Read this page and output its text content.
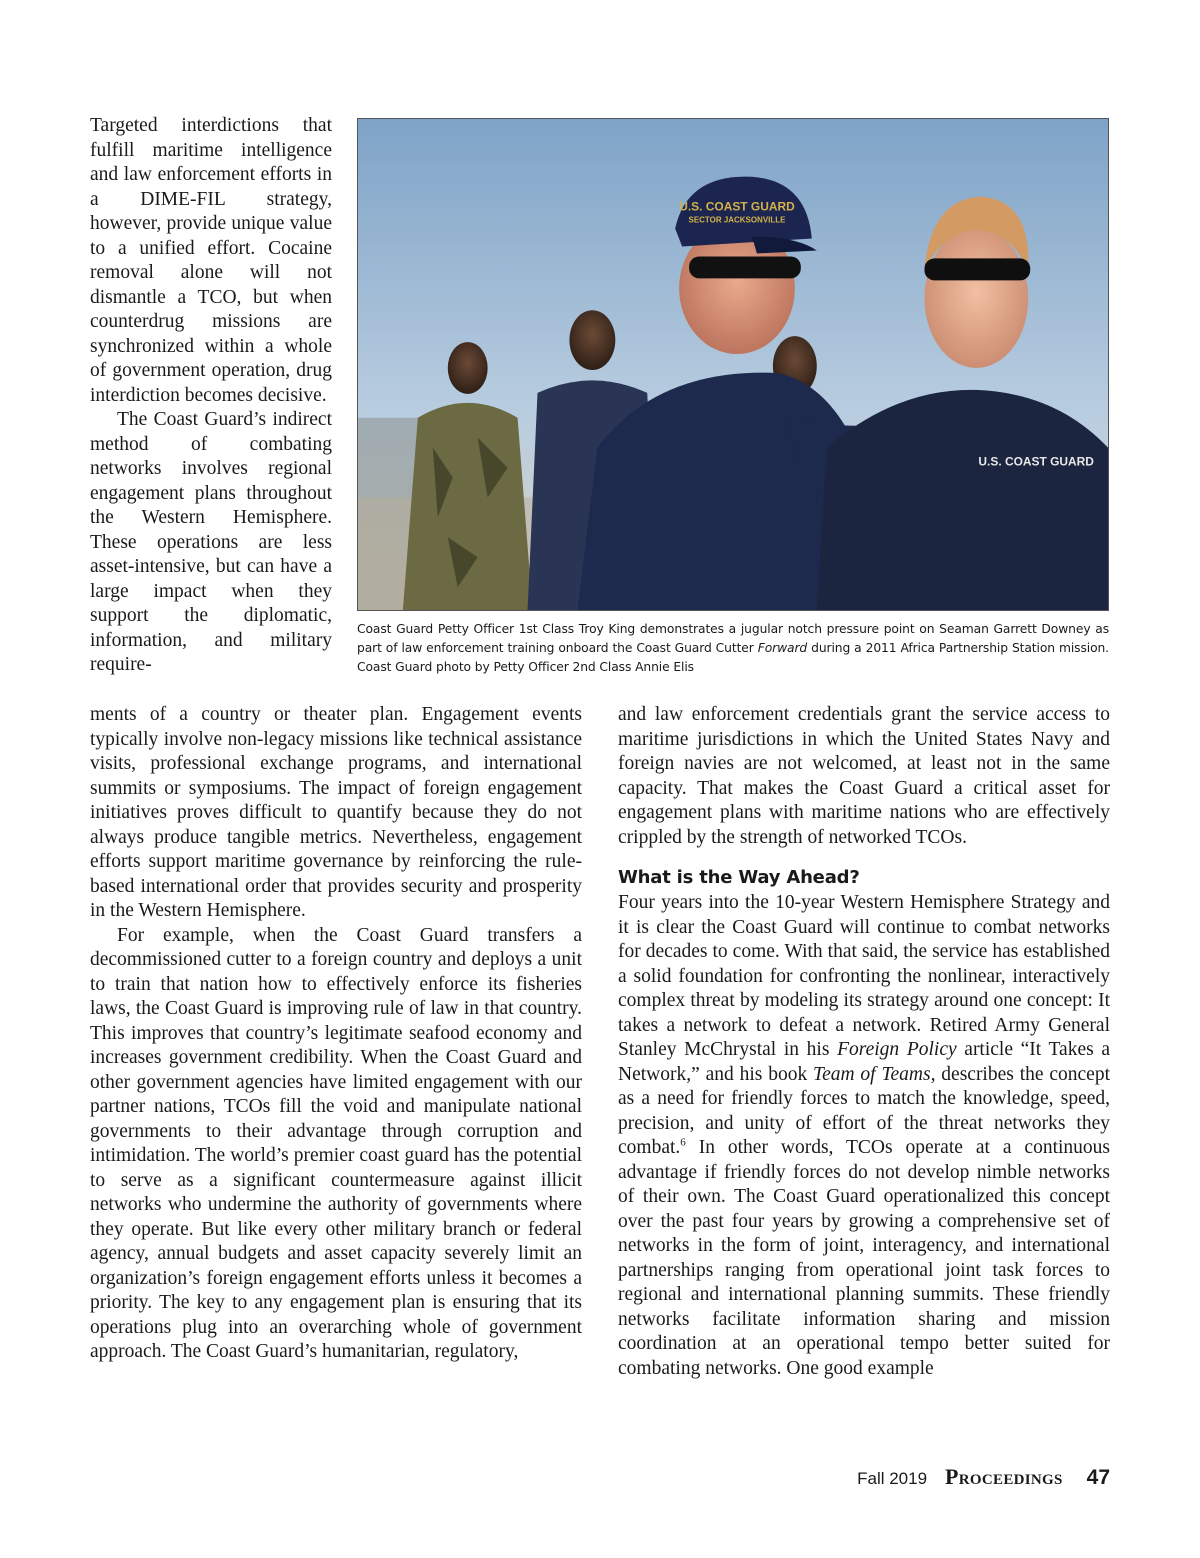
Targeted interdictions that fulfill maritime intelligence and law enforcement efforts in a DIME-FIL strategy, however, provide unique value to a unified effort. Cocaine removal alone will not dismantle a TCO, but when counterdrug missions are synchronized within a whole of government operation, drug interdiction becomes decisive.

The Coast Guard’s indirect method of combating networks involves regional engagement plans throughout the Western Hemisphere. These operations are less asset-intensive, but can have a large impact when they support the diplomatic, information, and military require-

U.S. COAST GUARD
SECTOR JACKSONVILLE
U.S. COAST GUARD

Coast Guard Petty Officer 1st Class Troy King demonstrates a jugular notch pressure point on Seaman Garrett Downey as part of law enforcement training onboard the Coast Guard Cutter Forward during a 2011 Africa Partnership Station mission. Coast Guard photo by Petty Officer 2nd Class Annie Elis

ments of a country or theater plan. Engagement events typically involve non-legacy missions like technical assistance visits, professional exchange programs, and international summits or symposiums. The impact of foreign engagement initiatives proves difficult to quantify because they do not always produce tangible metrics. Nevertheless, engagement efforts support maritime governance by reinforcing the rule-based international order that provides security and prosperity in the Western Hemisphere.

For example, when the Coast Guard transfers a decommissioned cutter to a foreign country and deploys a unit to train that nation how to effectively enforce its fisheries laws, the Coast Guard is improving rule of law in that country. This improves that country’s legitimate seafood economy and increases government credibility. When the Coast Guard and other government agencies have limited engagement with our partner nations, TCOs fill the void and manipulate national governments to their advantage through corruption and intimidation. The world’s premier coast guard has the potential to serve as a significant countermeasure against illicit networks who undermine the authority of governments where they operate. But like every other military branch or federal agency, annual budgets and asset capacity severely limit an organization’s foreign engagement efforts unless it becomes a priority. The key to any engagement plan is ensuring that its operations plug into an overarching whole of government approach. The Coast Guard’s humanitarian, regulatory,

and law enforcement credentials grant the service access to maritime jurisdictions in which the United States Navy and foreign navies are not welcomed, at least not in the same capacity. That makes the Coast Guard a critical asset for engagement plans with maritime nations who are effectively crippled by the strength of networked TCOs.

What is the Way Ahead?

Four years into the 10-year Western Hemisphere Strategy and it is clear the Coast Guard will continue to combat networks for decades to come. With that said, the service has established a solid foundation for confronting the nonlinear, interactively complex threat by modeling its strategy around one concept: It takes a network to defeat a network. Retired Army General Stanley McChrystal in his Foreign Policy article “It Takes a Network,” and his book Team of Teams, describes the concept as a need for friendly forces to match the knowledge, speed, precision, and unity of effort of the threat networks they combat.$^6$ In other words, TCOs operate at a continuous advantage if friendly forces do not develop nimble networks of their own. The Coast Guard operationalized this concept over the past four years by growing a comprehensive set of networks in the form of joint, interagency, and international partnerships ranging from operational joint task forces to regional and international planning summits. These friendly networks facilitate information sharing and mission coordination at an operational tempo better suited for combating networks. One good example

Fall 2019 Proceedings 47
